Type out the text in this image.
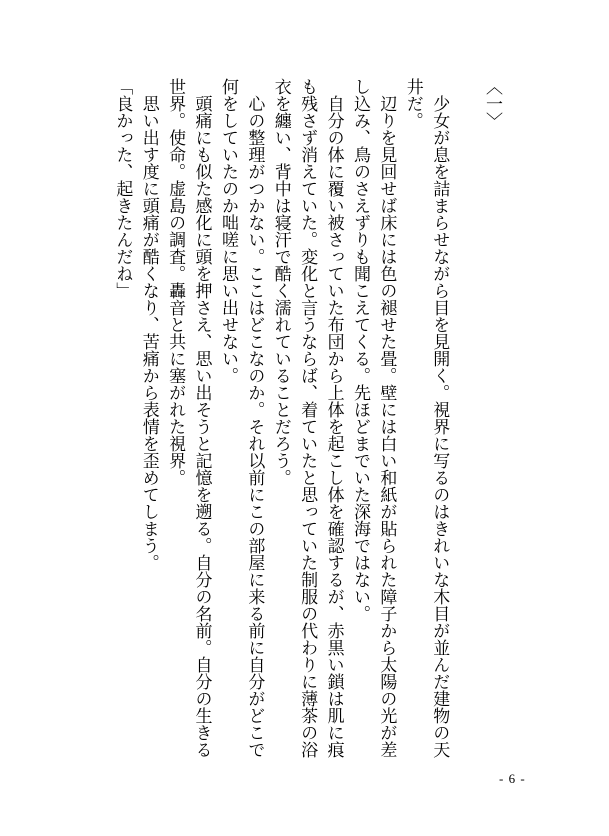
〈一〉

少女が息を詰まらせながら目を見開く。視界に写るのはきれいな木目が並んだ建物の天井だ。

辺りを見回せば床には色の褪せた畳。壁には白い和紙が貼られた障子から太陽の光が差し込み、鳥のさえずりも聞こえてくる。先ほどまでいた深海ではない。

自分の体に覆い被さっていた布団から上体を起こし体を確認するが、赤黒い鎖は肌に痕も残さず消えていた。変化と言うならば、着ていたと思っていた制服の代わりに薄茶の浴衣を纏い、背中は寝汗で酷く濡れていることだろう。

心の整理がつかない。ここはどこなのか。それ以前にこの部屋に来る前に自分がどこで何をしていたのか咄嗟に思い出せない。

頭痛にも似た感化に頭を押さえ、思い出そうと記憶を遡る。自分の名前。自分の生きる世界。使命。虚島の調査。轟音と共に塞がれた視界。

思い出す度に頭痛が酷くなり、苦痛から表情を歪めてしまう。

「良かった、起きたんだね」

- 6 -
